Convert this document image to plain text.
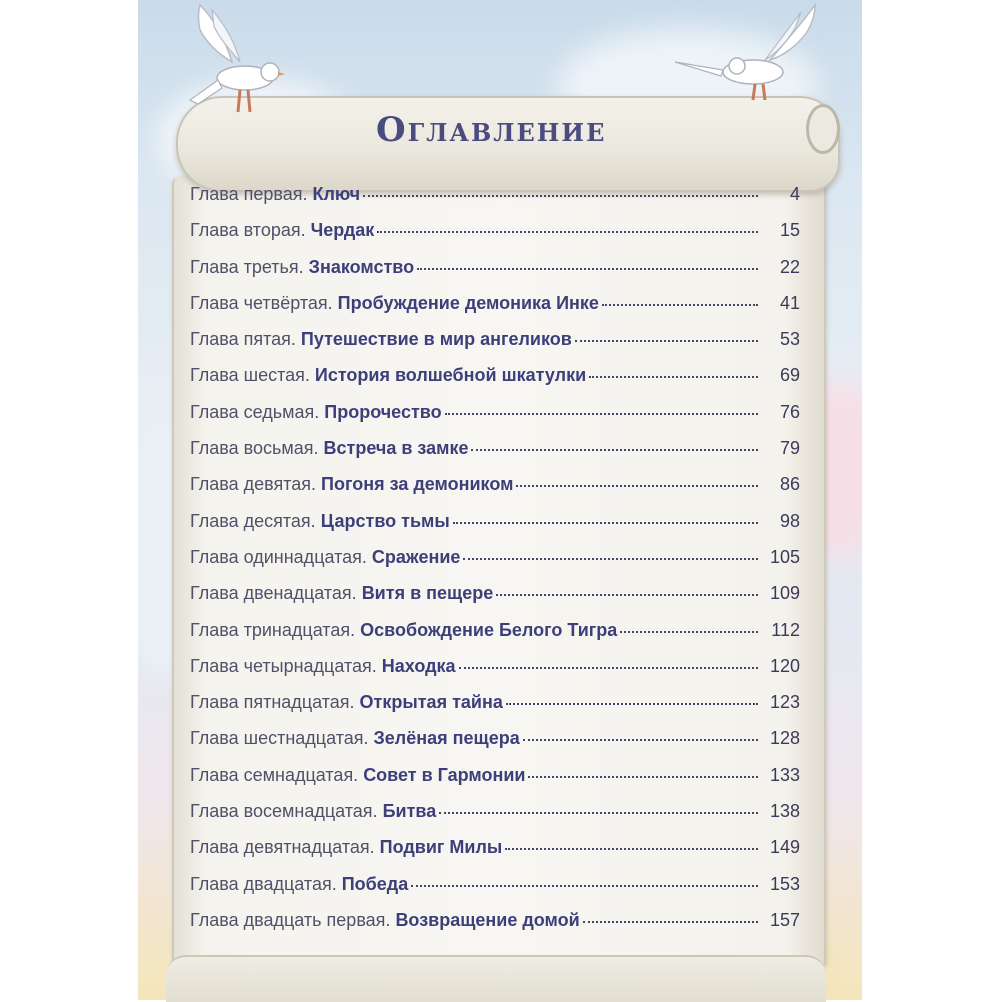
Оглавление
Глава первая. Ключ	4
Глава вторая. Чердак	15
Глава третья. Знакомство	22
Глава четвёртая. Пробуждение демоника Инке	41
Глава пятая. Путешествие в мир ангеликов	53
Глава шестая. История волшебной шкатулки	69
Глава седьмая. Пророчество	76
Глава восьмая. Встреча в замке	79
Глава девятая. Погоня за демоником	86
Глава десятая. Царство тьмы	98
Глава одиннадцатая. Сражение	105
Глава двенадцатая. Витя в пещере	109
Глава тринадцатая. Освобождение Белого Тигра	112
Глава четырнадцатая. Находка	120
Глава пятнадцатая. Открытая тайна	123
Глава шестнадцатая. Зелёная пещера	128
Глава семнадцатая. Совет в Гармонии	133
Глава восемнадцатая. Битва	138
Глава девятнадцатая. Подвиг Милы	149
Глава двадцатая. Победа	153
Глава двадцать первая. Возвращение домой	157
